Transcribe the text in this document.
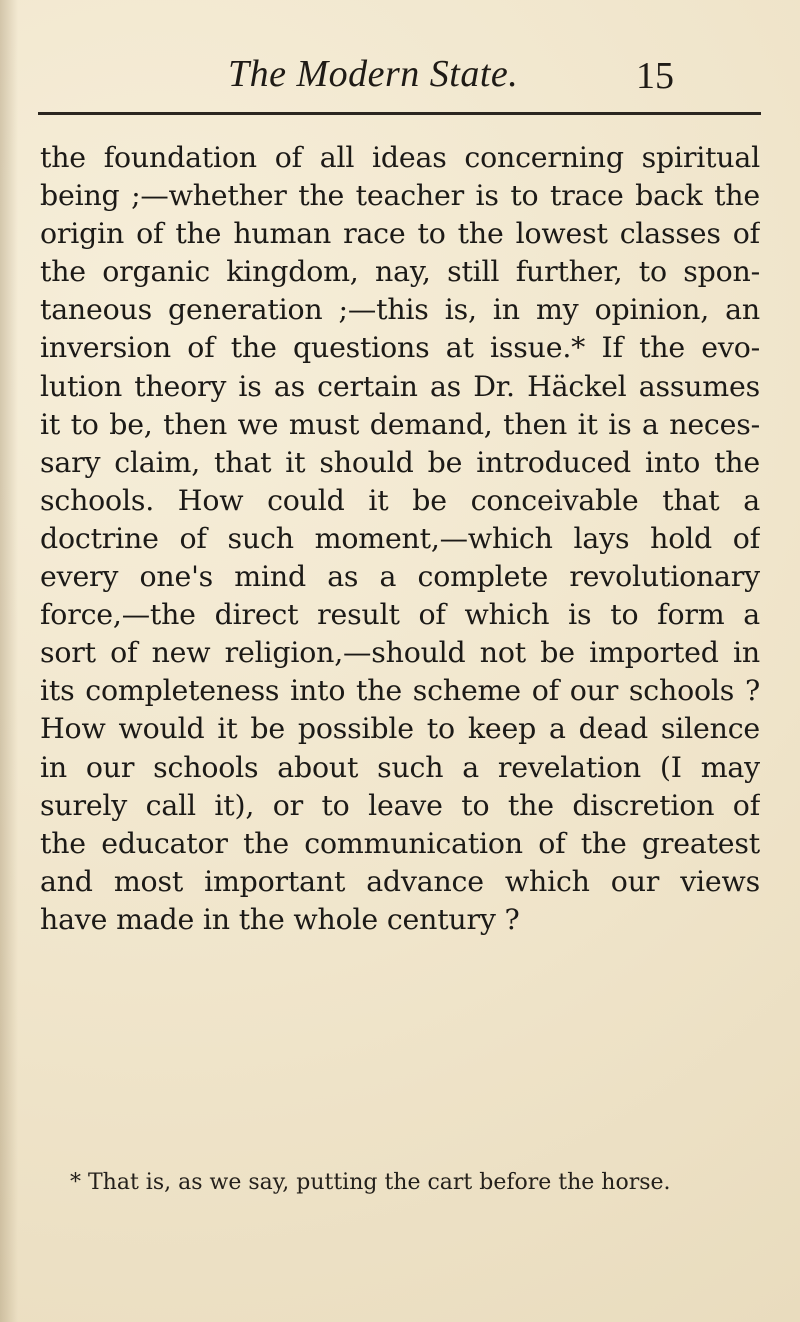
The Modern State.	15
the foundation of all ideas concerning spiritual
being ;—whether the teacher is to trace back the
origin of the human race to the lowest classes of
the organic kingdom, nay, still further, to spon-
taneous generation ;—this is, in my opinion, an
inversion of the questions at issue.* If the evo-
lution theory is as certain as Dr. Häckel assumes
it to be, then we must demand, then it is a neces-
sary claim, that it should be introduced into the
schools. How could it be conceivable that a
doctrine of such moment,—which lays hold of
every one's mind as a complete revolutionary
force,—the direct result of which is to form a
sort of new religion,—should not be imported in
its completeness into the scheme of our schools ?
How would it be possible to keep a dead silence
in our schools about such a revelation (I may
surely call it), or to leave to the discretion of
the educator the communication of the greatest
and most important advance which our views
have made in the whole century ?
* That is, as we say, putting the cart before the horse.
